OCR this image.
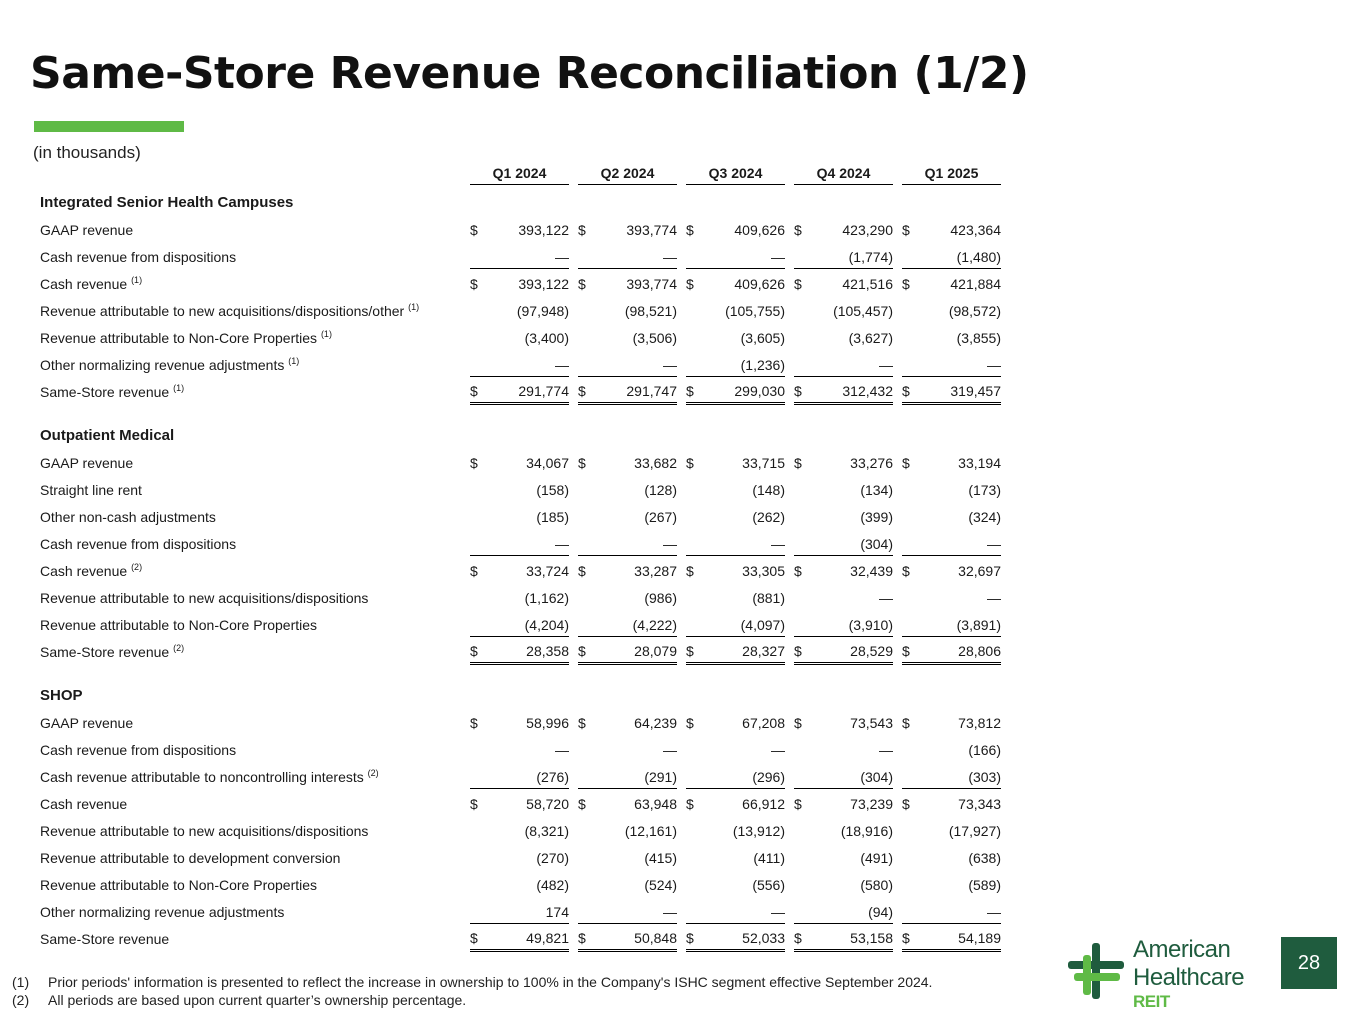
Same-Store Revenue Reconciliation (1/2)
(in thousands)
		Q1 2024			Q2 2024			Q3 2024			Q4 2024			Q1 2025	
Integrated Senior Health Campuses															
GAAP revenue		$	393,122		$	393,774		$	409,626		$	423,290		$	423,364
Cash revenue from dispositions			—			—			—			(1,774)			(1,480)
Cash revenue $^{(1)}$		$	393,122		$	393,774		$	409,626		$	421,516		$	421,884
Revenue attributable to new acquisitions/dispositions/other $^{(1)}$			(97,948)			(98,521)			(105,755)			(105,457)			(98,572)
Revenue attributable to Non-Core Properties $^{(1)}$			(3,400)			(3,506)			(3,605)			(3,627)			(3,855)
Other normalizing revenue adjustments $^{(1)}$			—			—			(1,236)			—			—
Same-Store revenue $^{(1)}$		$	291,774		$	291,747		$	299,030		$	312,432		$	319,457

Outpatient Medical															
GAAP revenue		$	34,067		$	33,682		$	33,715		$	33,276		$	33,194
Straight line rent			(158)			(128)			(148)			(134)			(173)
Other non-cash adjustments			(185)			(267)			(262)			(399)			(324)
Cash revenue from dispositions			—			—			—			(304)			—
Cash revenue $^{(2)}$		$	33,724		$	33,287		$	33,305		$	32,439		$	32,697
Revenue attributable to new acquisitions/dispositions			(1,162)			(986)			(881)			—			—
Revenue attributable to Non-Core Properties			(4,204)			(4,222)			(4,097)			(3,910)			(3,891)
Same-Store revenue $^{(2)}$		$	28,358		$	28,079		$	28,327		$	28,529		$	28,806

SHOP															
GAAP revenue		$	58,996		$	64,239		$	67,208		$	73,543		$	73,812
Cash revenue from dispositions			—			—			—			—			(166)
Cash revenue attributable to noncontrolling interests $^{(2)}$			(276)			(291)			(296)			(304)			(303)
Cash revenue		$	58,720		$	63,948		$	66,912		$	73,239		$	73,343
Revenue attributable to new acquisitions/dispositions			(8,321)			(12,161)			(13,912)			(18,916)			(17,927)
Revenue attributable to development conversion			(270)			(415)			(411)			(491)			(638)
Revenue attributable to Non-Core Properties			(482)			(524)			(556)			(580)			(589)
Other normalizing revenue adjustments			174			—			—			(94)			—
Same-Store revenue		$	49,821		$	50,848		$	52,033		$	53,158		$	54,189
(1)	Prior periods' information is presented to reflect the increase in ownership to 100% in the Company's ISHC segment effective September 2024.
(2)	All periods are based upon current quarter’s ownership percentage.
American
Healthcare
REIT
28
